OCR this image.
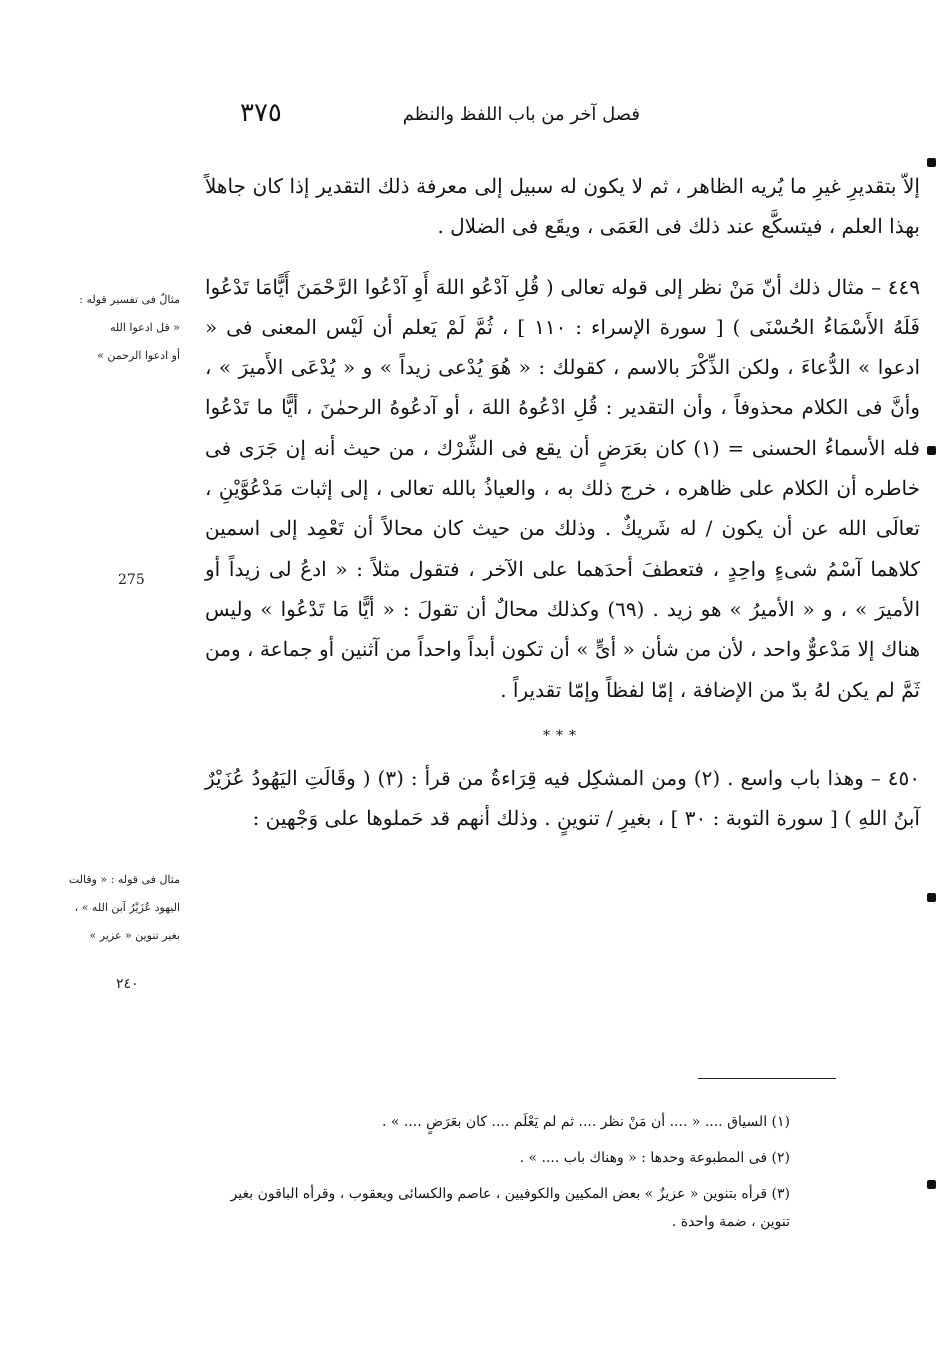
٣٧٥	فصل آخر من باب اللفظ والنظم

إلاّ بتقديرِ غيرِ ما يُريه الظاهر ، ثم لا يكون له سبيل إلى معرفة ذلك التقدير إذا كان جاهلاً بهذا العلم ، فيتسكَّع عند ذلك فى العَمَى ، ويقَع فى الضلال .

٤٤٩ – مثال ذلك أنّ مَنْ نظر إلى قوله تعالى ( قُلِ آدْعُو اللهَ أَوِ آدْعُوا الرَّحْمَنَ أَيًّامَا تَدْعُوا فَلَهُ الأَسْمَاءُ الحُسْنَى ) [ سورة الإسراء : ١١٠ ] ، ثُمَّ لَمْ يَعلم أن لَيْس المعنى فى « ادعوا » الدُّعاءَ ، ولكن الذِّكْرَ بالاسم ، كقولك : « هُوَ يُدْعى زيداً » و « يُدْعَى الأَميرَ » ، وأنَّ فى الكلام محذوفاً ، وأن التقدير : قُلِ ادْعُوهُ اللهَ ، أو آدعُوهُ الرحمٰنَ ، أيًّا ما تَدْعُوا فله الأسماءُ الحسنى = (١) كان بعَرَضٍ أن يقع فى الشِّرْك ، من حيث أنه إن جَرَى فى خاطره أن الكلام على ظاهره ، خرج ذلك به ، والعياذُ بالله تعالى ، إلى إثبات مَدْعُوَّيْنِ ، تعالَى الله عن أن يكون / له شَريكٌ . وذلك من حيث كان محالاً أن تَعْمِد إلى اسمين كلاهما آسْمُ شىءٍ واحِدٍ ، فتعطفَ أحدَهما على الآخر ، فتقول مثلاً : « ادعُ لى زيداً أو الأميرَ » ، و « الأميرُ » هو زيد . (٦٩) وكذلك محالٌ أن تقولَ : « أيًّا مَا تَدْعُوا » وليس هناك إلا مَدْعوٌّ واحد ، لأن من شأن « أىٍّ » أن تكون أبداً واحداً من آثنين أو جماعة ، ومن ثَمَّ لم يكن لهُ بدّ من الإضافة ، إمّا لفظاً وإمّا تقديراً .

***

٤٥٠ – وهذا باب واسع . (٢) ومن المشكِل فيه قِرَاءةُ من قرأ : (٣) ( وقَالَتِ اليَهُودُ عُزَيْرٌ آبنُ اللهِ ) [ سورة التوبة : ٣٠ ] ، بغيرِ / تنوينٍ . وذلك أنهم قد حَملوها على وَجْهين :

مثالٌ فى تفسير قوله :
« قل ادعوا الله
أو ادعوا الرحمن »
مثال فى قوله : « وقالت
اليهود عُزَيْرُ آبن الله » ،
بغير تنوين « عزير »
275
٢٤٠

(١) السياق .... « .... أن مَنْ نظر .... ثم لم يَعْلَم .... كان بعَرَضٍ .... » .

(٢) فى المطبوعة وحدها : « وهناك باب .... » .

(٣) قرأه بتنوين « عزيزٌ » بعض المكيين والكوفيين ، عاصم والكسائى ويعقوب ، وقرأه الباقون بغير تنوين ، ضمة واحدة .
